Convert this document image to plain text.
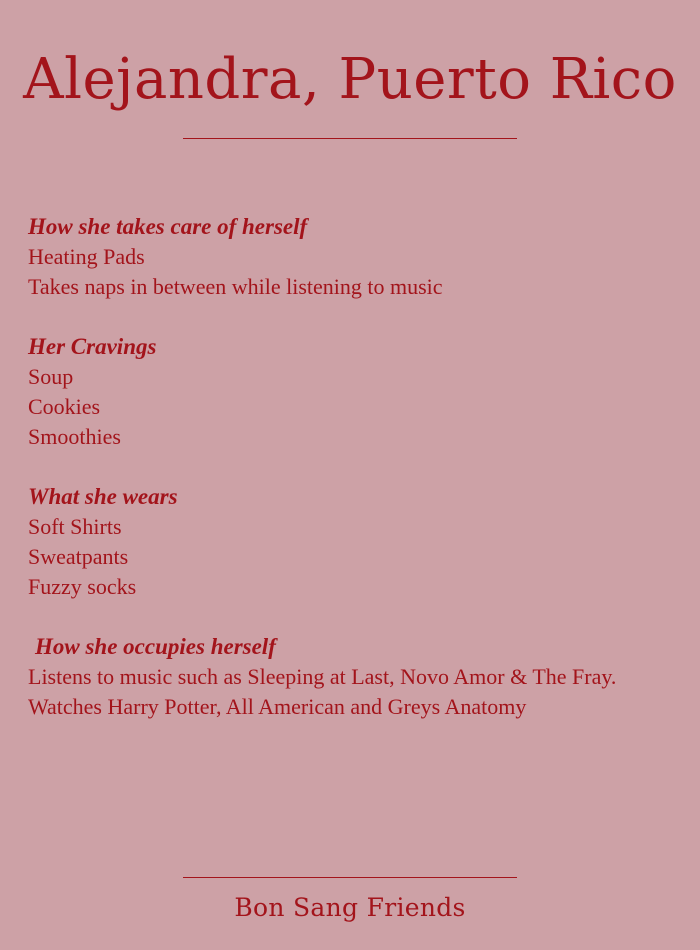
Alejandra, Puerto Rico
How she takes care of herself
Heating Pads
Takes naps in between while listening to music
Her Cravings
Soup
Cookies
Smoothies
What she wears
Soft Shirts
Sweatpants
Fuzzy socks
How she occupies herself
Listens to music such as Sleeping at Last, Novo Amor & The Fray. Watches Harry Potter, All American and Greys Anatomy
Bon Sang Friends
